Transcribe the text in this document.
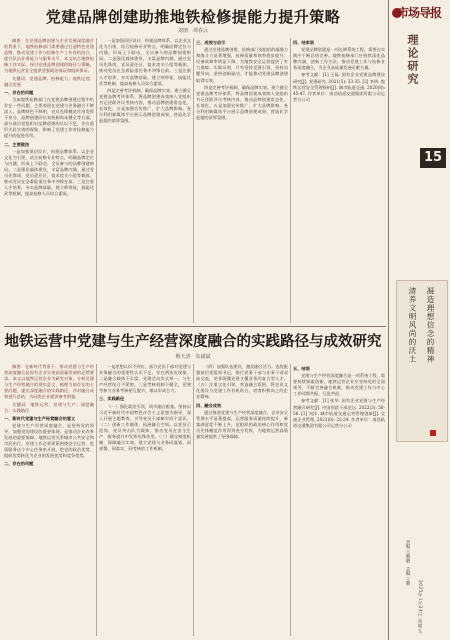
党建品牌创建助推地铁检修提能力提升策略
刘朋　谭春云

摘要：在党建品牌创建与企业发展深度融合的背景下，地铁检修部门需要通过打造特色党建品牌，推动党建工作与检修生产工作有机结合，提升队伍业务能力与服务水平。本文结合地铁检修工作实际，探讨党建品牌创建的路径与策略，为地铁运营安全提供坚强政治保证和组织保证。

关键词：党建品牌；检修能力；地铁运营；融合发展

一、存在的问题

当前地铁检修部门在党建品牌创建过程中仍存在一些问题，主要表现在党建与业务融合不够深入，品牌特色不鲜明，党员先锋模范作用发挥不充分，品牌创建的长效机制尚未健全等方面。部分基层党组织对品牌创建的认识不足，存在重形式轻实效的现象，影响了党建工作对检修能力提升的促进作用。

二、主要做法

一是加强顶层设计，构建品牌体系。以企业文化为引领，结合检修专业特点，明确品牌定位与内涵，形成上下联动、全员参与的品牌创建格局。二是强化载体建设，丰富品牌内涵。通过党员先锋岗、党员责任区、技术攻关小组等载体，推动党员在急难险重任务中冲锋在前。三是注重人才培养，夯实品牌基础。建立师带徒、技能比武等机制，提高检修人员综合素质。

一是加强顶层设计，构建品牌体系。以企业文化为引领，结合检修专业特点，明确品牌定位与内涵，形成上下联动、全员参与的品牌创建格局。二是强化载体建设，丰富品牌内涵。通过党员先锋岗、党员责任区、技术攻关小组等载体，推动党员在急难险重任务中冲锋在前。三是注重人才培养，夯实品牌基础。建立师带徒、技能比武等机制，提高检修人员综合素质。

四是完善考评机制，确保品牌实效。建立健全党建品牌考评体系，将品牌创建成效纳入党组织书记述职评议考核内容，推动品牌创建常态化、长效化。五是加强宣传推广，扩大品牌影响。充分利用新媒体平台展示品牌创建成果，营造比学赶超的浓厚氛围。

三、成效与启示

通过党建品牌创建，检修部门党组织的凝聚力和战斗力显著增强，检修质量和效率稳步提升，设备故障率明显下降，为地铁安全运营提供了有力保障。实践证明，只有坚持党建引领，坚持问题导向，坚持创新驱动，才能推动党建品牌创建取得实效。

四是完善考评机制，确保品牌实效。建立健全党建品牌考评体系，将品牌创建成效纳入党组织书记述职评议考核内容，推动品牌创建常态化、长效化。五是加强宣传推广，扩大品牌影响。充分利用新媒体平台展示品牌创建成果，营造比学赶超的浓厚氛围。

四、结束语

党建品牌创建是一项长期系统工程，需要在实践中不断总结完善。地铁检修部门应持续深化品牌内涵，创新工作方法，推动党建工作与检修业务深度融合，为企业高质量发展贡献力量。

参考文献：[1] 王磊. 国有企业党建品牌建设研究[J]. 党建研究, 2021(5): 33-35. [2] 李明. 地铁运营安全管理探析[J]. 城市轨道交通, 2020(8): 45-47. 作者单位：南昌轨道交通集团有限公司运营分公司

地铁运营中党建与生产经营深度融合的实践路径与成效研究
梅天清　朱斌斌

摘要：在新时代背景下，推动党建与生产经营深度融合是国有企业实现高质量发展的必然要求。本文以地铁运营企业为研究对象，分析党建与生产经营融合的现实意义，梳理当前存在的主要问题，提出深度融合的实践路径，并对融合成效进行总结，为同类企业提供参考借鉴。

关键词：地铁运营；党建与生产；深度融合；实践路径

一、新时代党建与生产经营融合的意义

党建与生产经营深度融合，是坚持党的领导、加强党的建设的重要体现，是推动企业改革发展的重要保障。地铁运营关系城市公共安全和市民出行，党建工作必须紧紧围绕安全运营、优质服务这个中心任务来开展，把党的政治优势、组织优势转化为企业的发展优势和竞争优势。

二、存在的问题

一是思想认识不到位，部分党员干部对党建与业务融合的重要性认识不足，存在两张皮现象。二是融合载体不丰富，党建活动形式单一，与生产经营结合不紧密。三是考核机制不健全，党建考核与业务考核相互脱节，难以形成合力。

三、实践路径

（一）强化政治引领，筑牢融合根基。坚持以习近平新时代中国特色社会主义思想为指导，深入开展主题教育，引导党员干部树牢四个意识。（二）创新工作载体，拓展融合空间。以党员示范岗、党员突击队为载体，推动党员在安全生产、服务提升中发挥先锋作用。（三）健全制度机制，保障融合实效。建立党建与业务同谋划、同部署、同落实、同考核的工作机制。

（四）加强队伍建设，激发融合活力。选优配强基层党组织书记，推行党务干部与业务干部双向交流，培养既懂党建又懂业务的复合型人才。（五）注重文化引领，营造融合氛围。将企业文化建设与党建工作有机结合，培育积极向上的企业精神。

四、融合成效

通过推进党建与生产经营深度融合，企业安全管理水平显著提高，运营服务质量持续提升，乘客满意度不断上升，党组织的政治核心作用和党员先锋模范作用得到充分发挥，为地铁运营高质量发展提供了坚强保障。

五、结语

党建与生产经营深度融合是一项系统工程，需要持续探索创新。地铁运营企业应坚持党的全面领导，不断完善融合机制，推动党建工作与中心工作同频共振、互促共进。

参考文献：[1] 张华. 国有企业党建与生产经营融合研究[J]. 中国党政干部论坛, 2022(3): 56-58. [2] 刘洋. 城市轨道交通运营管理创新[J]. 交通企业管理, 2021(6): 22-24. 作者单位：南昌轨道交通集团有限公司运营分公司

市场导报
理论研究
15
凝造理想信念的精神
清养文明风尚的沃土
责编 王腾腾　美编 王腾
2025年1月24日 星期五
